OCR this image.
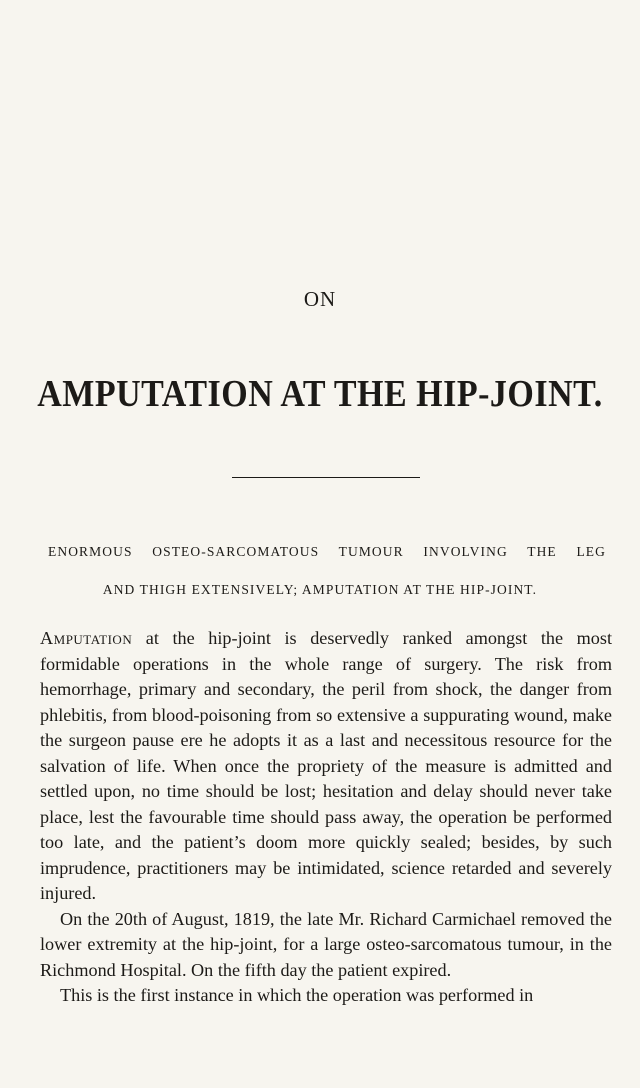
ON
AMPUTATION AT THE HIP-JOINT.
ENORMOUS OSTEO-SARCOMATOUS TUMOUR INVOLVING THE LEG
AND THIGH EXTENSIVELY; AMPUTATION AT THE HIP-JOINT.

Amputation at the hip-joint is deservedly ranked amongst the most formidable operations in the whole range of surgery. The risk from hemorrhage, primary and secondary, the peril from shock, the danger from phlebitis, from blood-poisoning from so extensive a suppurating wound, make the surgeon pause ere he adopts it as a last and necessitous resource for the salvation of life. When once the propriety of the measure is admitted and settled upon, no time should be lost; hesitation and delay should never take place, lest the favourable time should pass away, the operation be performed too late, and the patient’s doom more quickly sealed; besides, by such imprudence, practitioners may be intimidated, science retarded and severely injured.

On the 20th of August, 1819, the late Mr. Richard Carmichael removed the lower extremity at the hip-joint, for a large osteo-sarcomatous tumour, in the Richmond Hospital. On the fifth day the patient expired.

This is the first instance in which the operation was performed in
